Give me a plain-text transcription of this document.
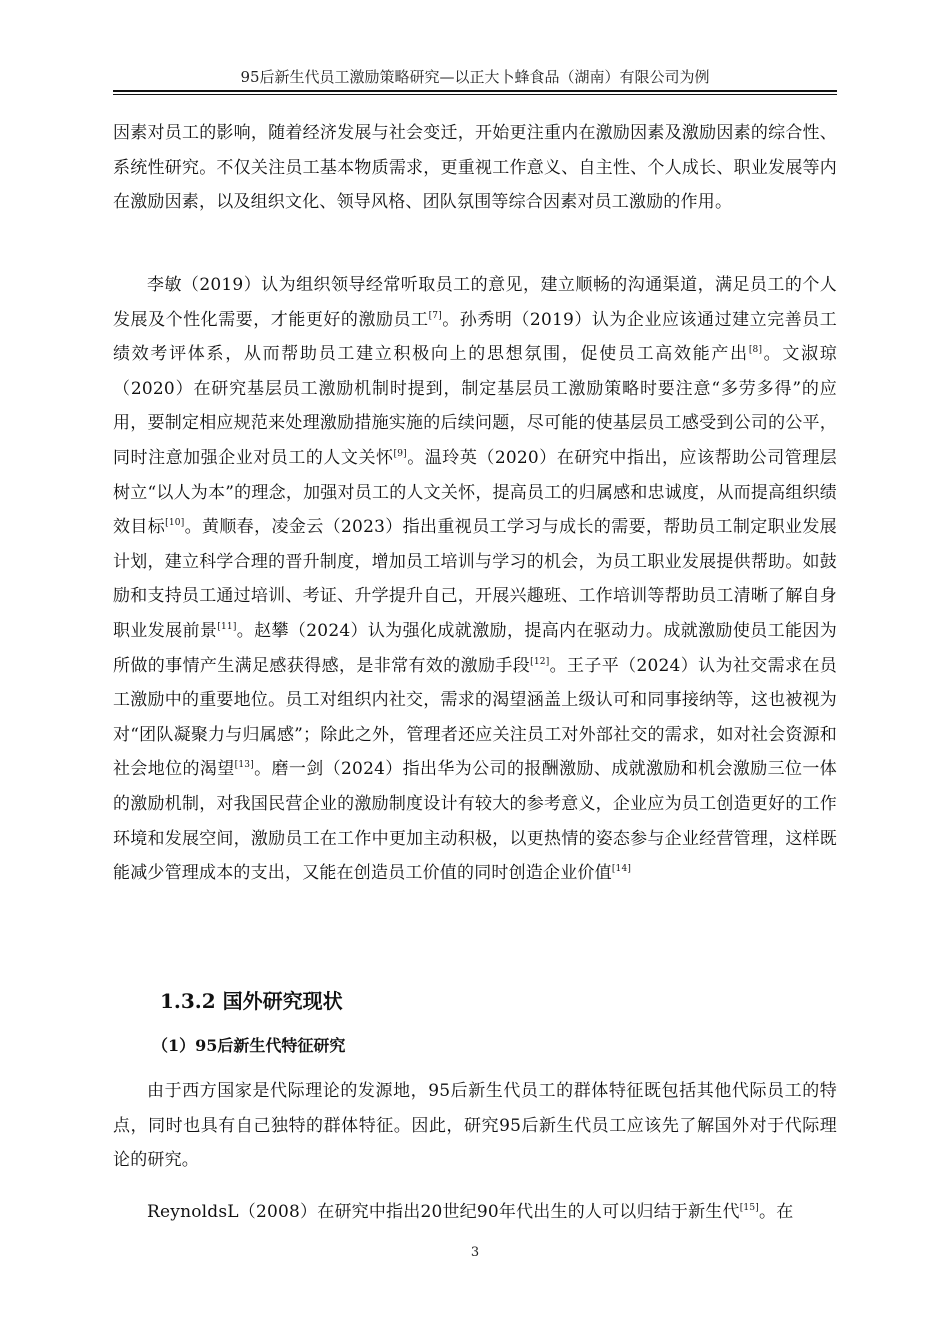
95后新生代员工激励策略研究—以正大卜蜂食品（湖南）有限公司为例

因素对员工的影响，随着经济发展与社会变迁，开始更注重内在激励因素及激励因素的综合性、系统性研究。不仅关注员工基本物质需求，更重视工作意义、自主性、个人成长、职业发展等内在激励因素，以及组织文化、领导风格、团队氛围等综合因素对员工激励的作用。

李敏（2019）认为组织领导经常听取员工的意见，建立顺畅的沟通渠道，满足员工的个人发展及个性化需要，才能更好的激励员工[7]。孙秀明（2019）认为企业应该通过建立完善员工绩效考评体系，从而帮助员工建立积极向上的思想氛围，促使员工高效能产出[8]。文淑琼（2020）在研究基层员工激励机制时提到，制定基层员工激励策略时要注意“多劳多得”的应用，要制定相应规范来处理激励措施实施的后续问题，尽可能的使基层员工感受到公司的公平，同时注意加强企业对员工的人文关怀[9]。温玲英（2020）在研究中指出，应该帮助公司管理层树立“以人为本”的理念，加强对员工的人文关怀，提高员工的归属感和忠诚度，从而提高组织绩效目标[10]。黄顺春，凌金云（2023）指出重视员工学习与成长的需要，帮助员工制定职业发展计划，建立科学合理的晋升制度，增加员工培训与学习的机会，为员工职业发展提供帮助。如鼓励和支持员工通过培训、考证、升学提升自己，开展兴趣班、工作培训等帮助员工清晰了解自身职业发展前景[11]。赵攀（2024）认为强化成就激励，提高内在驱动力。成就激励使员工能因为所做的事情产生满足感获得感，是非常有效的激励手段[12]。王子平（2024）认为社交需求在员工激励中的重要地位。员工对组织内社交，需求的渴望涵盖上级认可和同事接纳等，这也被视为对“团队凝聚力与归属感”；除此之外，管理者还应关注员工对外部社交的需求，如对社会资源和社会地位的渴望[13]。磨一剑（2024）指出华为公司的报酬激励、成就激励和机会激励三位一体的激励机制，对我国民营企业的激励制度设计有较大的参考意义，企业应为员工创造更好的工作环境和发展空间，激励员工在工作中更加主动积极，以更热情的姿态参与企业经营管理，这样既能减少管理成本的支出，又能在创造员工价值的同时创造企业价值[14]

1.3.2 国外研究现状
（1）95后新生代特征研究

由于西方国家是代际理论的发源地，95后新生代员工的群体特征既包括其他代际员工的特点，同时也具有自己独特的群体特征。因此，研究95后新生代员工应该先了解国外对于代际理论的研究。

ReynoldsL（2008）在研究中指出20世纪90年代出生的人可以归结于新生代[15]。在

3
